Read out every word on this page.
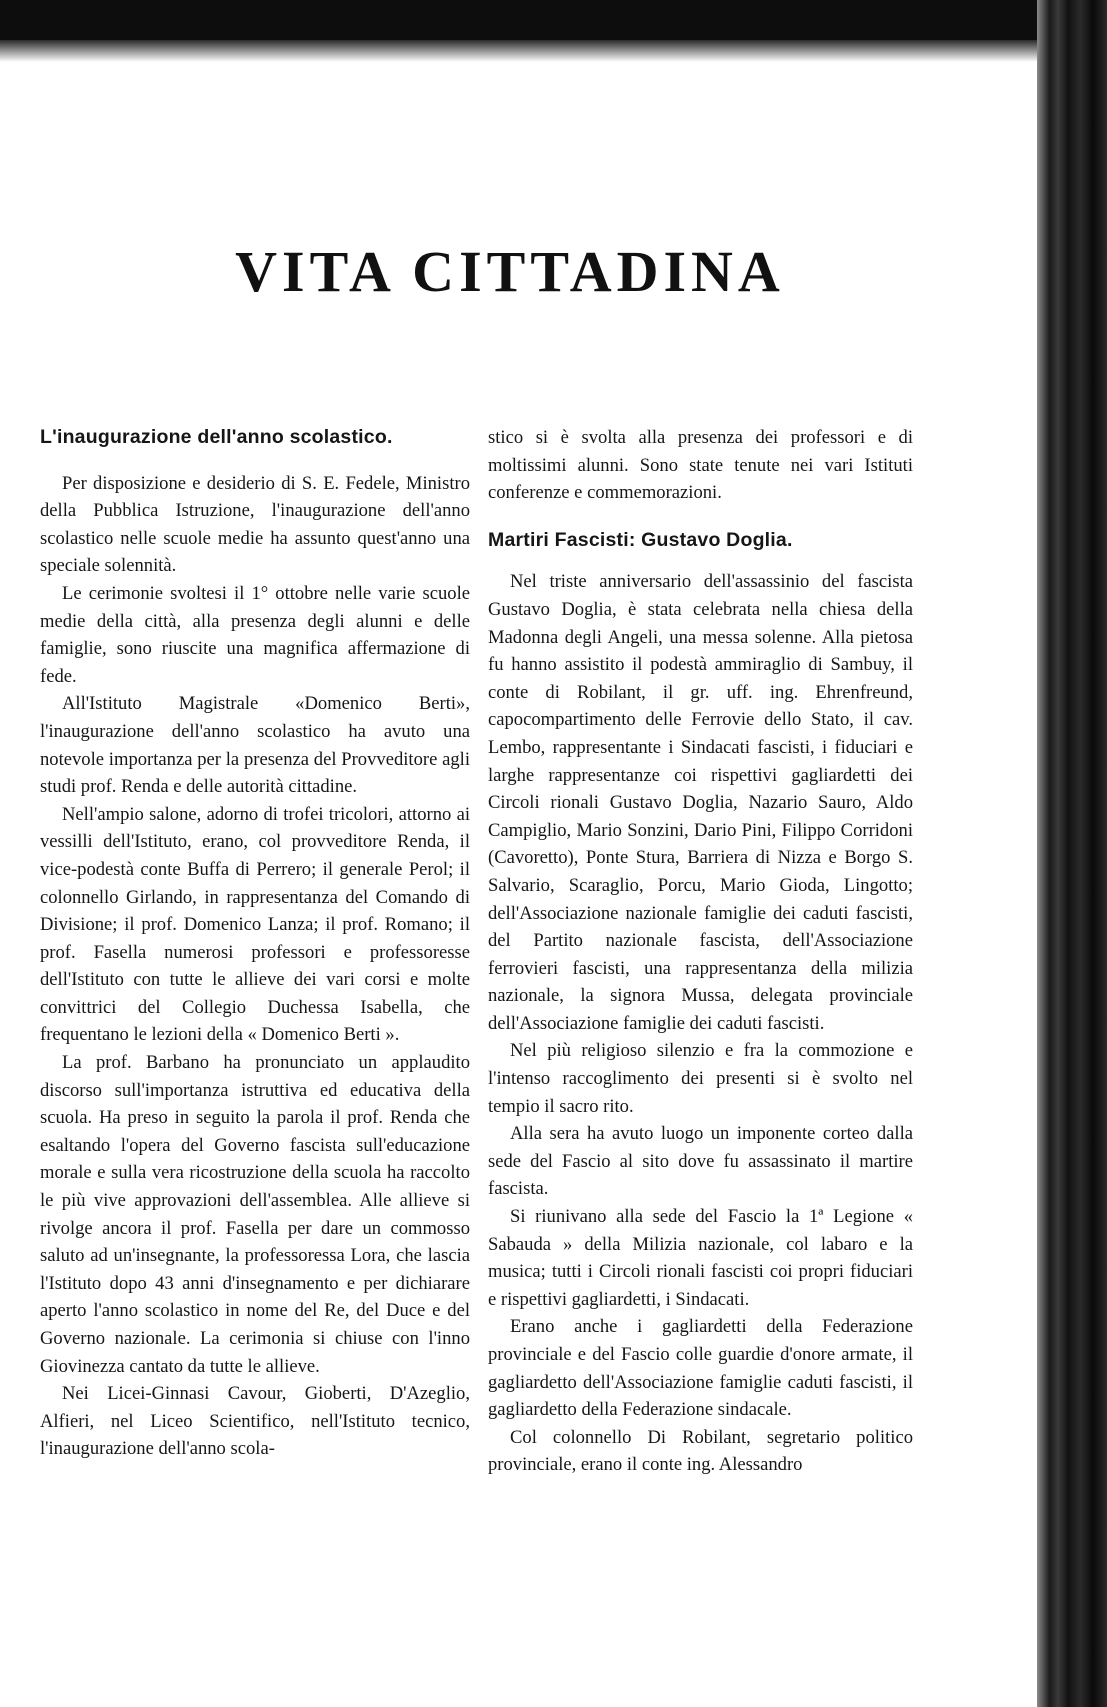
VITA CITTADINA
L'inaugurazione dell'anno scolastico.

Per disposizione e desiderio di S. E. Fedele, Ministro della Pubblica Istruzione, l'inaugurazione dell'anno scolastico nelle scuole medie ha assunto quest'anno una speciale solennità.

Le cerimonie svoltesi il 1° ottobre nelle varie scuole medie della città, alla presenza degli alunni e delle famiglie, sono riuscite una magnifica affermazione di fede.

All'Istituto Magistrale «Domenico Berti», l'inaugurazione dell'anno scolastico ha avuto una notevole importanza per la presenza del Provveditore agli studi prof. Renda e delle autorità cittadine.

Nell'ampio salone, adorno di trofei tricolori, attorno ai vessilli dell'Istituto, erano, col provveditore Renda, il vice-podestà conte Buffa di Perrero; il generale Perol; il colonnello Girlando, in rappresentanza del Comando di Divisione; il prof. Domenico Lanza; il prof. Romano; il prof. Fasella numerosi professori e professoresse dell'Istituto con tutte le allieve dei vari corsi e molte convittrici del Collegio Duchessa Isabella, che frequentano le lezioni della « Domenico Berti ».

La prof. Barbano ha pronunciato un applaudito discorso sull'importanza istruttiva ed educativa della scuola. Ha preso in seguito la parola il prof. Renda che esaltando l'opera del Governo fascista sull'educazione morale e sulla vera ricostruzione della scuola ha raccolto le più vive approvazioni dell'assemblea. Alle allieve si rivolge ancora il prof. Fasella per dare un commosso saluto ad un'insegnante, la professoressa Lora, che lascia l'Istituto dopo 43 anni d'insegnamento e per dichiarare aperto l'anno scolastico in nome del Re, del Duce e del Governo nazionale. La cerimonia si chiuse con l'inno Giovinezza cantato da tutte le allieve.

Nei Licei-Ginnasi Cavour, Gioberti, D'Azeglio, Alfieri, nel Liceo Scientifico, nell'Istituto tecnico, l'inaugurazione dell'anno scola-

stico si è svolta alla presenza dei professori e di moltissimi alunni. Sono state tenute nei vari Istituti conferenze e commemorazioni.

Martiri Fascisti: Gustavo Doglia.

Nel triste anniversario dell'assassinio del fascista Gustavo Doglia, è stata celebrata nella chiesa della Madonna degli Angeli, una messa solenne. Alla pietosa fu hanno assistito il podestà ammiraglio di Sambuy, il conte di Robilant, il gr. uff. ing. Ehrenfreund, capocompartimento delle Ferrovie dello Stato, il cav. Lembo, rappresentante i Sindacati fascisti, i fiduciari e larghe rappresentanze coi rispettivi gagliardetti dei Circoli rionali Gustavo Doglia, Nazario Sauro, Aldo Campiglio, Mario Sonzini, Dario Pini, Filippo Corridoni (Cavoretto), Ponte Stura, Barriera di Nizza e Borgo S. Salvario, Scaraglio, Porcu, Mario Gioda, Lingotto; dell'Associazione nazionale famiglie dei caduti fascisti, del Partito nazionale fascista, dell'Associazione ferrovieri fascisti, una rappresentanza della milizia nazionale, la signora Mussa, delegata provinciale dell'Associazione famiglie dei caduti fascisti.

Nel più religioso silenzio e fra la commozione e l'intenso raccoglimento dei presenti si è svolto nel tempio il sacro rito.

Alla sera ha avuto luogo un imponente corteo dalla sede del Fascio al sito dove fu assassinato il martire fascista.

Si riunivano alla sede del Fascio la 1ª Legione « Sabauda » della Milizia nazionale, col labaro e la musica; tutti i Circoli rionali fascisti coi propri fiduciari e rispettivi gagliardetti, i Sindacati.

Erano anche i gagliardetti della Federazione provinciale e del Fascio colle guardie d'onore armate, il gagliardetto dell'Associazione famiglie caduti fascisti, il gagliardetto della Federazione sindacale.

Col colonnello Di Robilant, segretario politico provinciale, erano il conte ing. Alessandro
